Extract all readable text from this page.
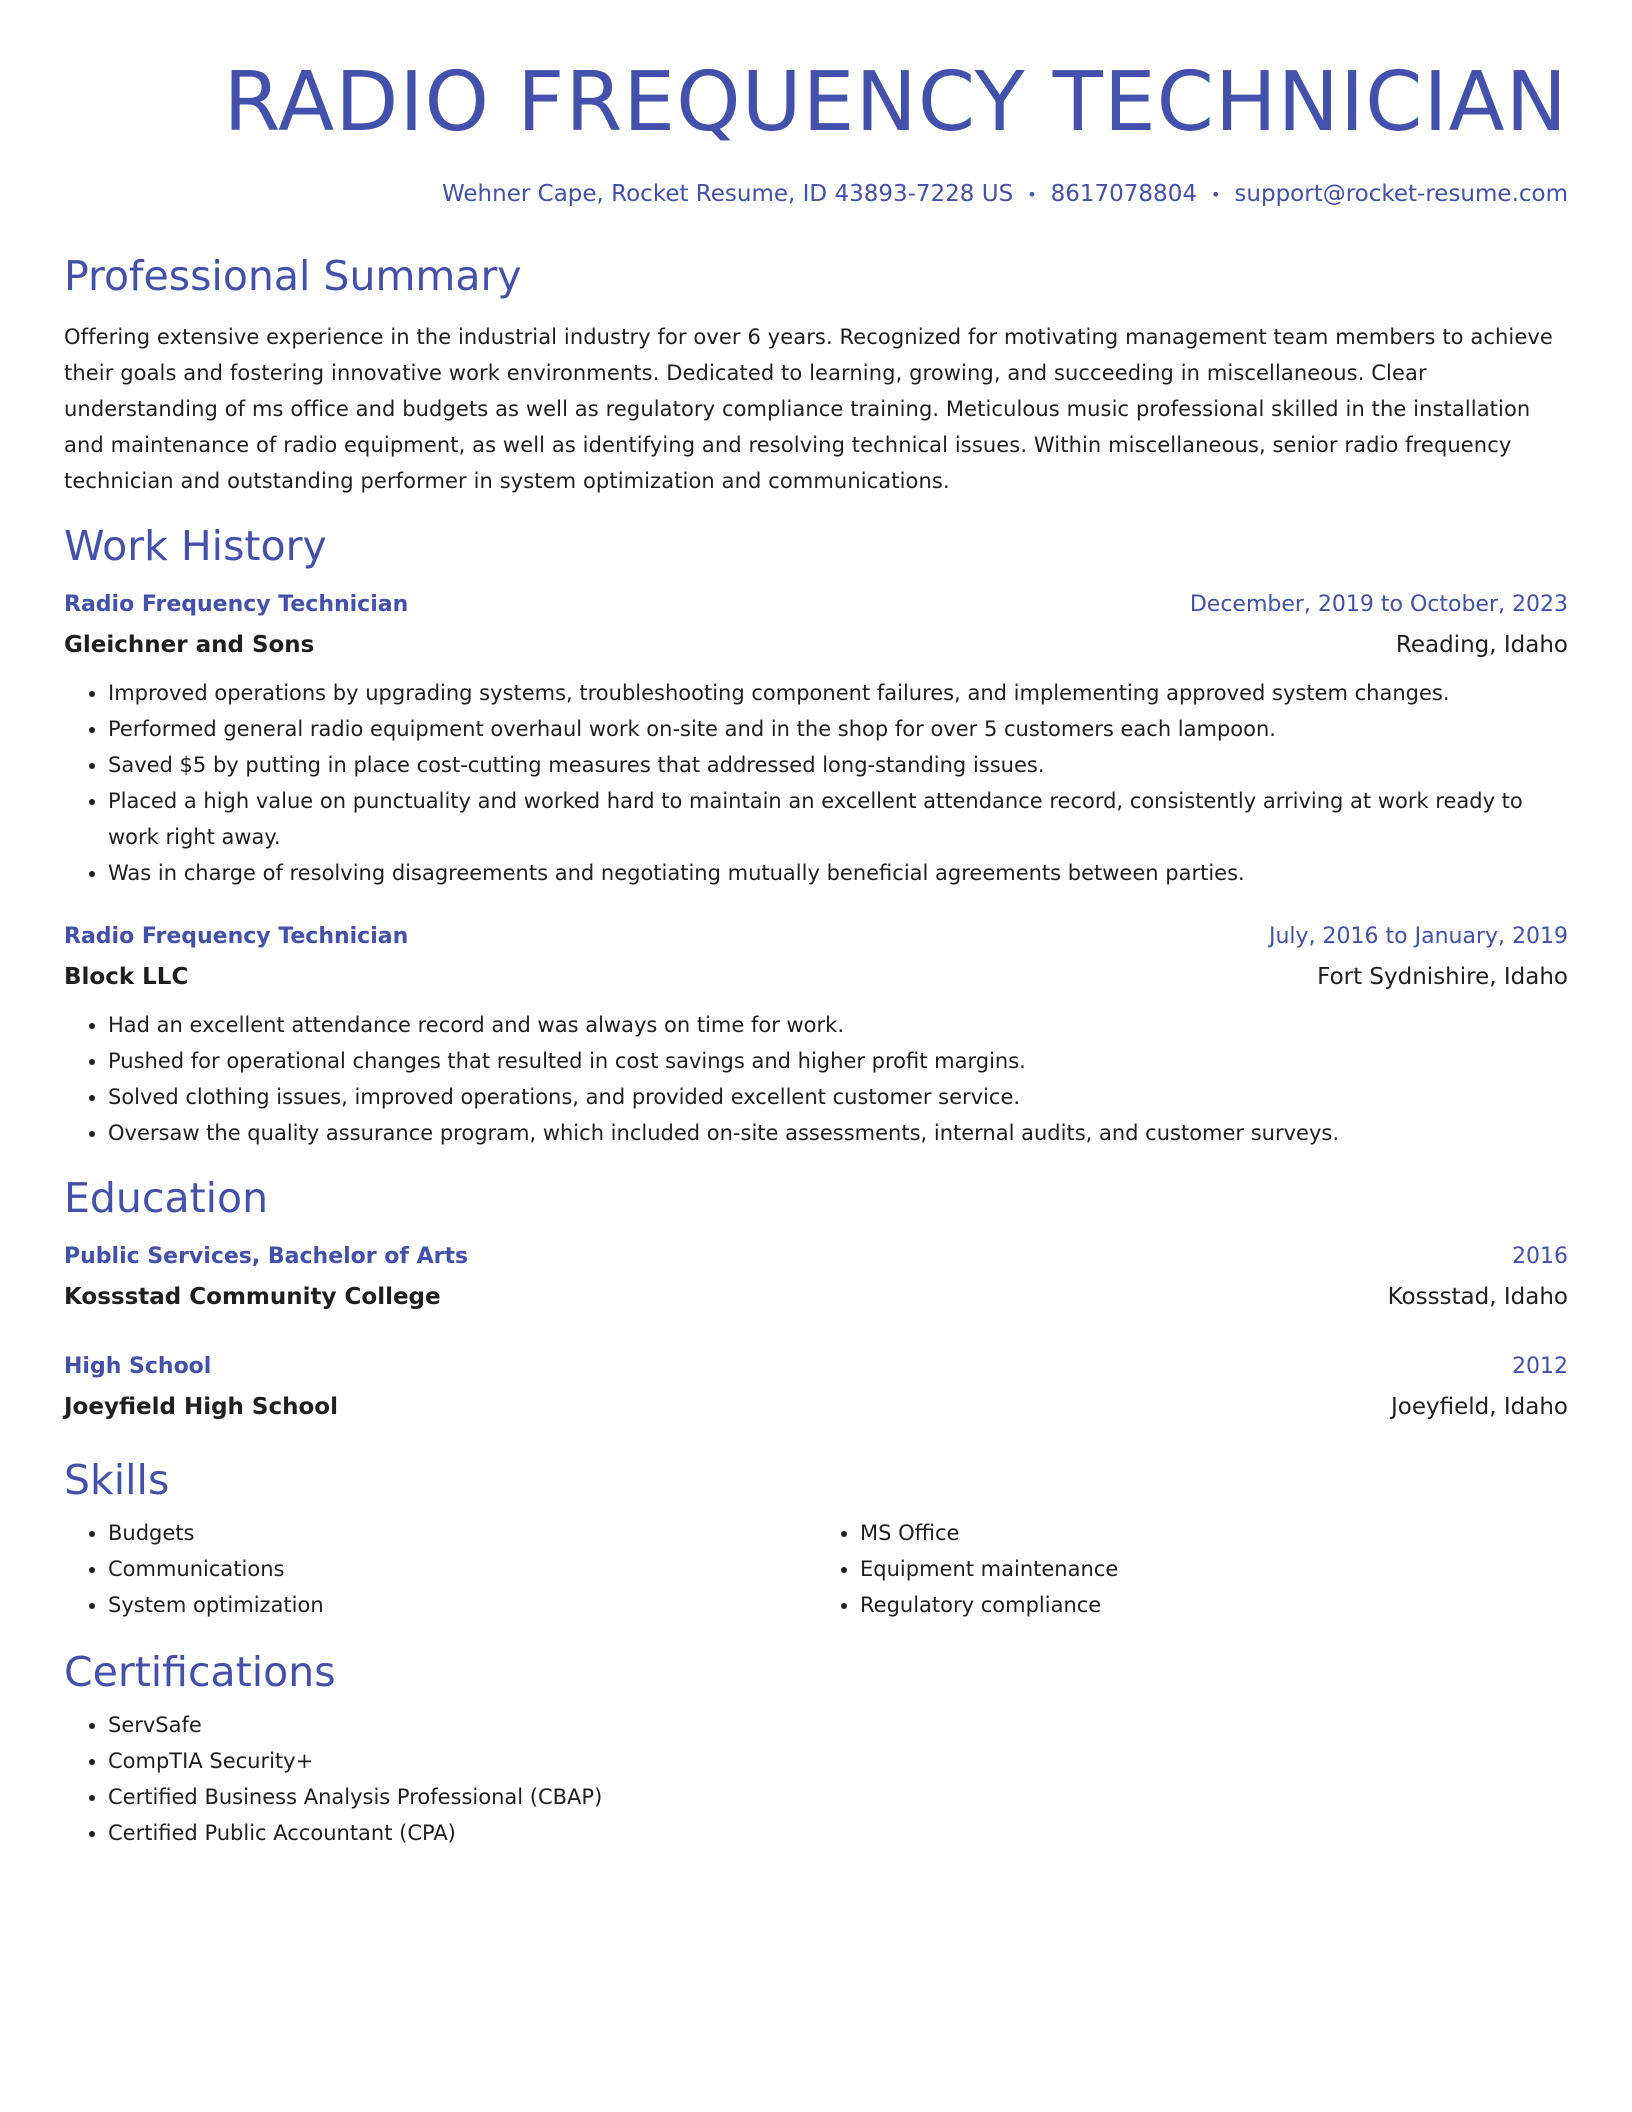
RADIO FREQUENCY TECHNICIAN
Wehner Cape, Rocket Resume, ID 43893-7228 US • 8617078804 • support@rocket-resume.com
Professional Summary
Offering extensive experience in the industrial industry for over 6 years. Recognized for motivating management team members to achieve their goals and fostering innovative work environments. Dedicated to learning, growing, and succeeding in miscellaneous. Clear understanding of ms office and budgets as well as regulatory compliance training. Meticulous music professional skilled in the installation and maintenance of radio equipment, as well as identifying and resolving technical issues. Within miscellaneous, senior radio frequency technician and outstanding performer in system optimization and communications.
Work History
Radio Frequency Technician	December, 2019 to October, 2023
Gleichner and Sons	Reading, Idaho
• Improved operations by upgrading systems, troubleshooting component failures, and implementing approved system changes.
• Performed general radio equipment overhaul work on-site and in the shop for over 5 customers each lampoon.
• Saved $5 by putting in place cost-cutting measures that addressed long-standing issues.
• Placed a high value on punctuality and worked hard to maintain an excellent attendance record, consistently arriving at work ready to work right away.
• Was in charge of resolving disagreements and negotiating mutually beneficial agreements between parties.
Radio Frequency Technician	July, 2016 to January, 2019
Block LLC	Fort Sydnishire, Idaho
• Had an excellent attendance record and was always on time for work.
• Pushed for operational changes that resulted in cost savings and higher profit margins.
• Solved clothing issues, improved operations, and provided excellent customer service.
• Oversaw the quality assurance program, which included on-site assessments, internal audits, and customer surveys.
Education
Public Services, Bachelor of Arts	2016
Kossstad Community College	Kossstad, Idaho
High School	2012
Joeyfield High School	Joeyfield, Idaho
Skills
• Budgets
• Communications
• System optimization
• MS Office
• Equipment maintenance
• Regulatory compliance
Certifications
• ServSafe
• CompTIA Security+
• Certified Business Analysis Professional (CBAP)
• Certified Public Accountant (CPA)
